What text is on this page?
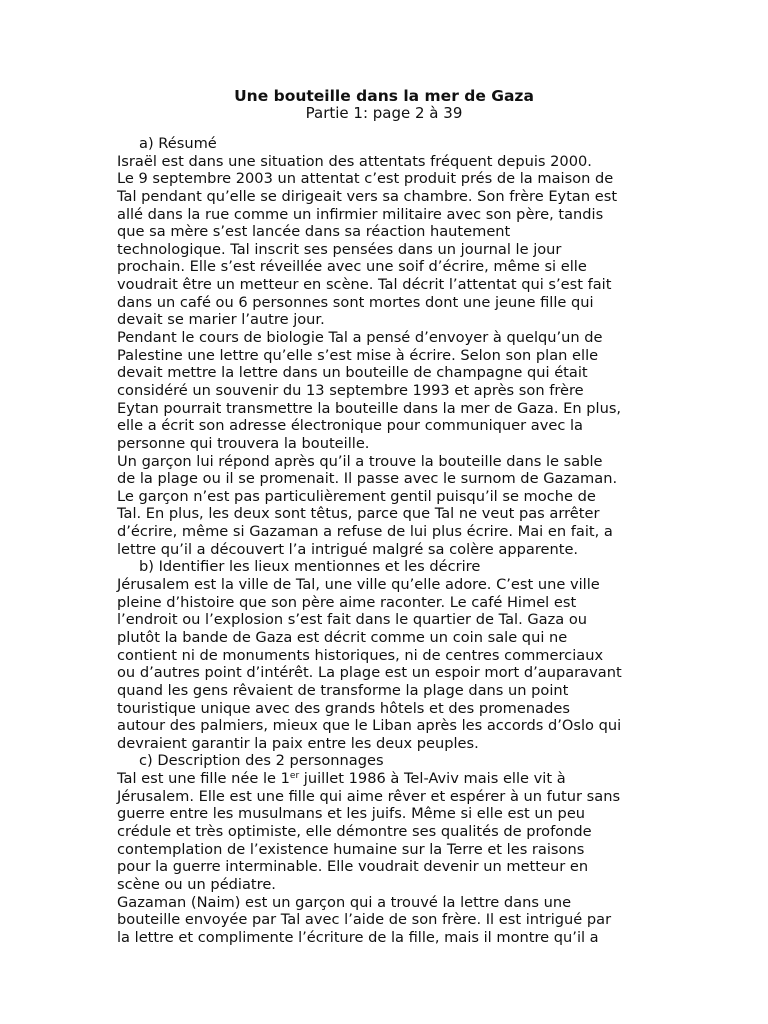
Une bouteille dans la mer de Gaza
Partie 1: page 2 à 39
a) Résumé
Israël est dans une situation des attentats fréquent depuis 2000.
Le 9 septembre 2003 un attentat c’est produit prés de la maison de
Tal pendant qu’elle se dirigeait vers sa chambre. Son frère Eytan est
allé dans la rue comme un infirmier militaire avec son père, tandis
que sa mère s’est lancée dans sa réaction hautement
technologique. Tal inscrit ses pensées dans un journal le jour
prochain. Elle s’est réveillée avec une soif d’écrire, même si elle
voudrait être un metteur en scène. Tal décrit l’attentat qui s’est fait
dans un café ou 6 personnes sont mortes dont une jeune fille qui
devait se marier l’autre jour.
Pendant le cours de biologie Tal a pensé d’envoyer à quelqu’un de
Palestine une lettre qu’elle s’est mise à écrire. Selon son plan elle
devait mettre la lettre dans un bouteille de champagne qui était
considéré un souvenir du 13 septembre 1993 et après son frère
Eytan pourrait transmettre la bouteille dans la mer de Gaza. En plus,
elle a écrit son adresse électronique pour communiquer avec la
personne qui trouvera la bouteille.
Un garçon lui répond après qu’il a trouve la bouteille dans le sable
de la plage ou il se promenait. Il passe avec le surnom de Gazaman.
Le garçon n’est pas particulièrement gentil puisqu’il se moche de
Tal. En plus, les deux sont têtus, parce que Tal ne veut pas arrêter
d’écrire, même si Gazaman a refuse de lui plus écrire. Mai en fait, a
lettre qu’il a découvert l’a intrigué malgré sa colère apparente.
b) Identifier les lieux mentionnes et les décrire
Jérusalem est la ville de Tal, une ville qu’elle adore. C’est une ville
pleine d’histoire que son père aime raconter. Le café Himel est
l’endroit ou l’explosion s’est fait dans le quartier de Tal. Gaza ou
plutôt la bande de Gaza est décrit comme un coin sale qui ne
contient ni de monuments historiques, ni de centres commerciaux
ou d’autres point d’intérêt. La plage est un espoir mort d’auparavant
quand les gens rêvaient de transforme la plage dans un point
touristique unique avec des grands hôtels et des promenades
autour des palmiers, mieux que le Liban après les accords d’Oslo qui
devraient garantir la paix entre les deux peuples.
c) Description des 2 personnages
Tal est une fille née le 1er juillet 1986 à Tel-Aviv mais elle vit à
Jérusalem. Elle est une fille qui aime rêver et espérer à un futur sans
guerre entre les musulmans et les juifs. Même si elle est un peu
crédule et très optimiste, elle démontre ses qualités de profonde
contemplation de l’existence humaine sur la Terre et les raisons
pour la guerre interminable. Elle voudrait devenir un metteur en
scène ou un pédiatre.
Gazaman (Naim) est un garçon qui a trouvé la lettre dans une
bouteille envoyée par Tal avec l’aide de son frère. Il est intrigué par
la lettre et complimente l’écriture de la fille, mais il montre qu’il a
